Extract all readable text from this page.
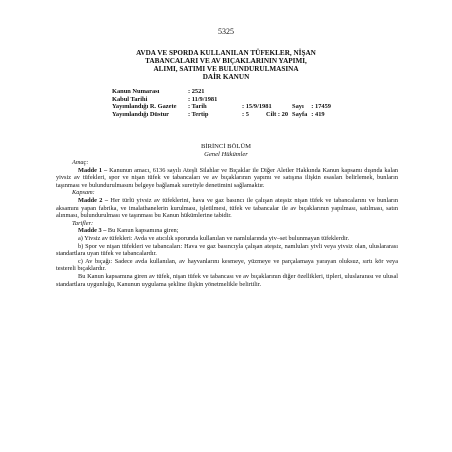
5325
AVDA VE SPORDA KULLANILAN TÜFEKLER, NİŞAN
TABANCALARI VE AV BIÇAKLARININ YAPIMI,
ALIMI, SATIMI VE BULUNDURULMASINA
DAİR KANUN
Kanun Numarası	: 2521				
Kabul Tarihi	: 11/9/1981				
Yayımlandığı R. Gazete	: Tarih	: 15/9/1981		Sayı	: 17459
Yayımlandığı Düstur	: Tertip	: 5	Cilt : 20	Sayfa	: 419
BİRİNCİ BÖLÜM
Genel Hükümler

Amaç:

Madde 1 – Kanunun amacı, 6136 sayılı Ateşli Silahlar ve Bıçaklar ile Diğer Aletler Hakkında Kanun kapsamı dışında kalan yivsiz av tüfekleri, spor ve nişan tüfek ve tabancaları ve av bıçaklarının yapımı ve satışına ilişkin esasları belirlemek, bunların taşınması ve bulundurulmasını belgeye bağlamak suretiyle denetimini sağlamaktır.

Kapsam:

Madde 2 – Her türlü yivsiz av tüfeklerini, hava ve gaz basıncı ile çalışan ateşsiz nişan tüfek ve tabancalarını ve bunların aksamını yapan fabrika, ve imalathanelerin kurulması, işletilmesi, tüfek ve tabancalar ile av bıçaklarının yapılması, satılması, satın alınması, bulundurulması ve taşınması bu Kanun hükümlerine tabidir.

Tarifler:

Madde 3 – Bu Kanun kapsamına giren;

a) Yivsiz av tüfekleri: Avda ve atıcılık sporunda kullanılan ve namlularında yiv–set bulunmayan tüfeklerdir.

b) Spor ve nişan tüfekleri ve tabancaları: Hava ve gaz basıncıyla çalışan ateşsiz, namluları yivli veya yivsiz olan, uluslararası standartlara uyan tüfek ve tabancalardır.

c) Av bıçağı: Sadece avda kullanılan, av hayvanlarını kesmeye, yüzmeye ve parçalamaya yarayan oluksuz, sırtı kör veya testereli bıçaklardır.

Bu Kanun kapsamına giren av tüfek, nişan tüfek ve tabancası ve av bıçaklarının diğer özellikleri, tipleri, uluslararası ve ulusal standartlara uygunluğu, Kanunun uygulama şekline ilişkin yönetmelikle belirtilir.
